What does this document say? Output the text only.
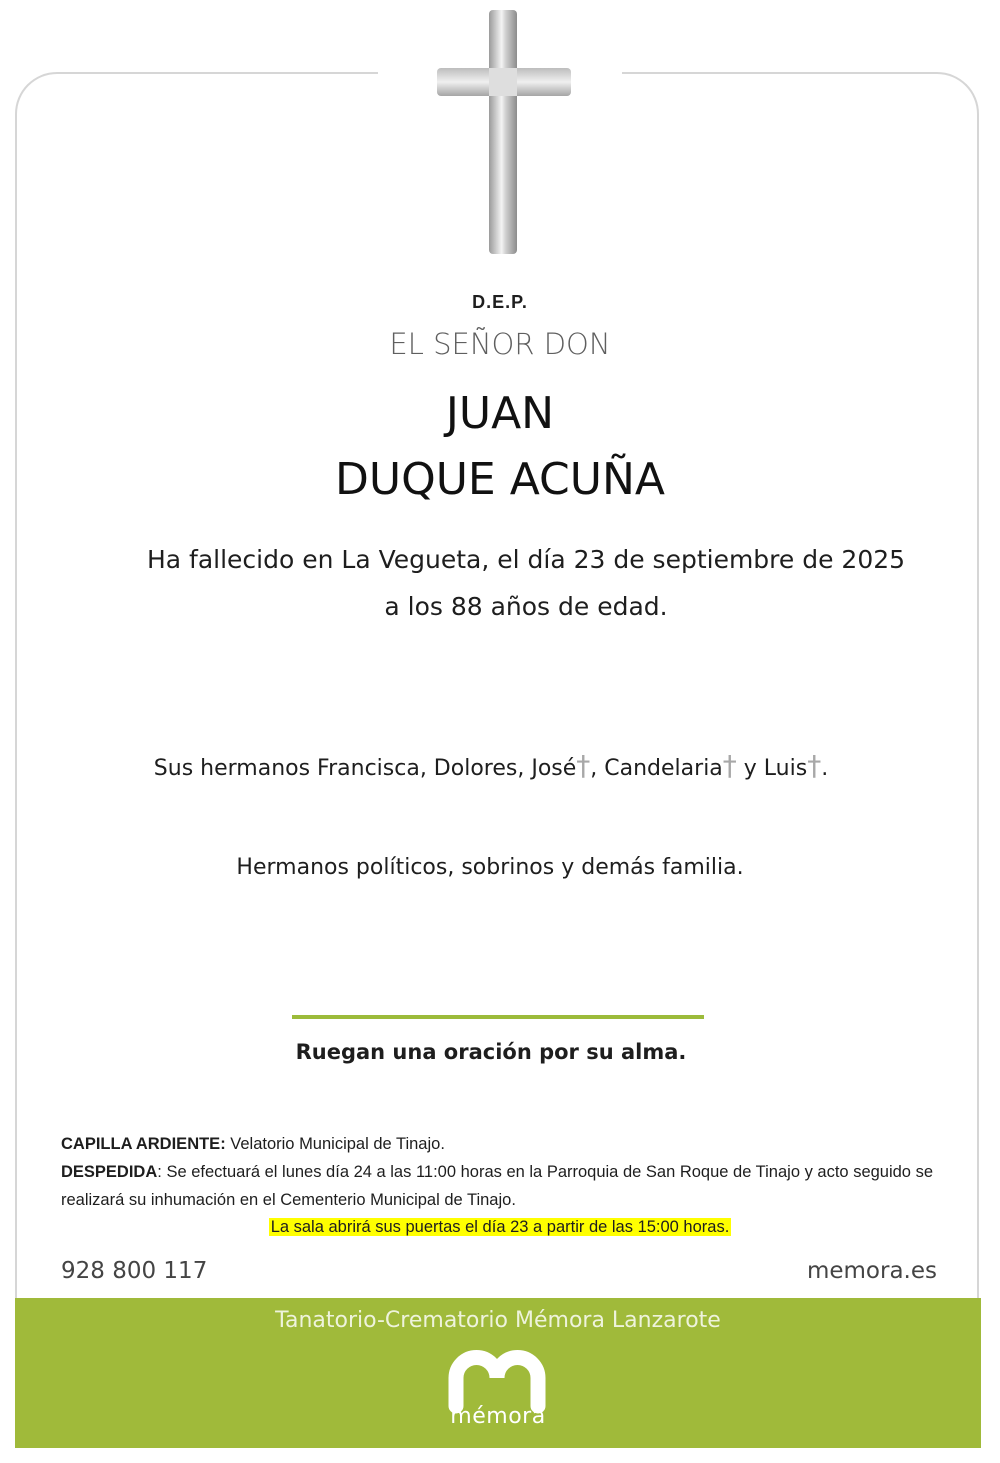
D.E.P.
EL SEÑOR DON
JUAN
DUQUE ACUÑA
Ha fallecido en La Vegueta, el día 23 de septiembre de 2025
a los 88 años de edad.
Sus hermanos Francisca, Dolores, José†, Candelaria† y Luis†.
Hermanos políticos, sobrinos y demás familia.
Ruegan una oración por su alma.
CAPILLA ARDIENTE: Velatorio Municipal de Tinajo.
DESPEDIDA: Se efectuará el lunes día 24 a las 11:00 horas en la Parroquia de San Roque de Tinajo y acto seguido se realizará su inhumación en el Cementerio Municipal de Tinajo.
La sala abrirá sus puertas el día 23 a partir de las 15:00 horas.
928 800 117	memora.es
Tanatorio-Crematorio Mémora Lanzarote
mémora
